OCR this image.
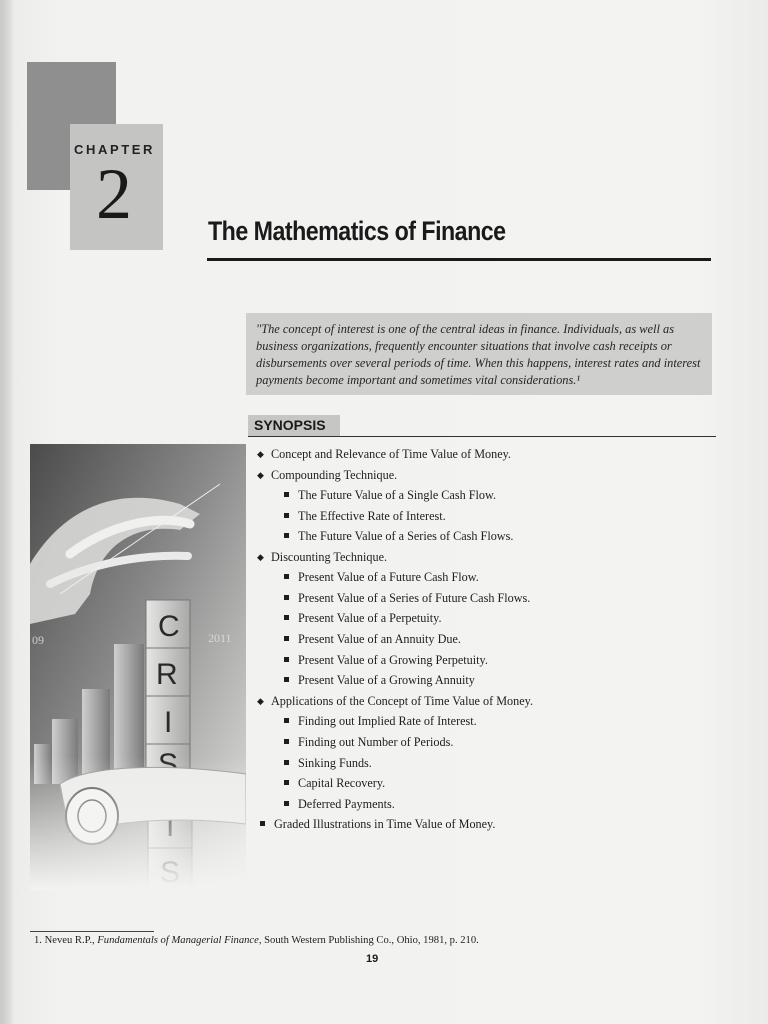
CHAPTER
2	The Mathematics of Finance
"The concept of interest is one of the central ideas in finance. Individuals, as well as business organizations, frequently encounter situations that involve cash receipts or disbursements over several periods of time. When this happens, interest rates and interest payments become important and sometimes vital considerations.¹
SYNOPSIS
◆ Concept and Relevance of Time Value of Money.
◆ Compounding Technique.
The Future Value of a Single Cash Flow.
The Effective Rate of Interest.
The Future Value of a Series of Cash Flows.
◆ Discounting Technique.
Present Value of a Future Cash Flow.
Present Value of a Series of Future Cash Flows.
Present Value of a Perpetuity.
Present Value of an Annuity Due.
Present Value of a Growing Perpetuity.
Present Value of a Growing Annuity
◆ Applications of the Concept of Time Value of Money.
Finding out Implied Rate of Interest.
Finding out Number of Periods.
Sinking Funds.
Capital Recovery.
Deferred Payments.
Graded Illustrations in Time Value of Money.
1. Neveu R.P., Fundamentals of Managerial Finance, South Western Publishing Co., Ohio, 1981, p. 210.
19
